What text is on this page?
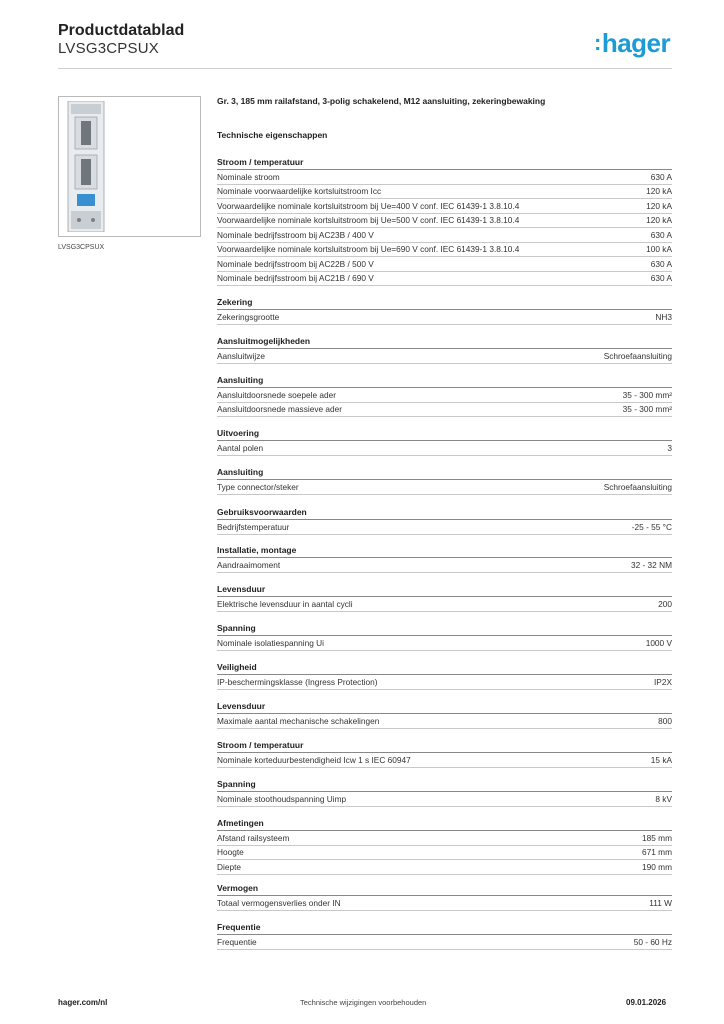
Productdatablad
LVSG3CPSUX	:hager
LVSG3CPSUX
Gr. 3, 185 mm railafstand, 3-polig schakelend, M12 aansluiting, zekeringbewaking
Technische eigenschappen
Stroom / temperatuur
Nominale stroom	630 A
Nominale voorwaardelijke kortsluitstroom Icc	120 kA
Voorwaardelijke nominale kortsluitstroom bij Ue=400 V conf. IEC 61439-1 3.8.10.4	120 kA
Voorwaardelijke nominale kortsluitstroom bij Ue=500 V conf. IEC 61439-1 3.8.10.4	120 kA
Nominale bedrijfsstroom bij AC23B / 400 V	630 A
Voorwaardelijke nominale kortsluitstroom bij Ue=690 V conf. IEC 61439-1 3.8.10.4	100 kA
Nominale bedrijfsstroom bij AC22B / 500 V	630 A
Nominale bedrijfsstroom bij AC21B / 690 V	630 A
Zekering
Zekeringsgrootte	NH3
Aansluitmogelijkheden
Aansluitwijze	Schroefaansluiting
Aansluiting
Aansluitdoorsnede soepele ader	35 - 300 mm²
Aansluitdoorsnede massieve ader	35 - 300 mm²
Uitvoering
Aantal polen	3
Aansluiting
Type connector/steker	Schroefaansluiting
Gebruiksvoorwaarden
Bedrijfstemperatuur	-25 - 55 °C
Installatie, montage
Aandraaimoment	32 - 32 NM
Levensduur
Elektrische levensduur in aantal cycli	200
Spanning
Nominale isolatiespanning Ui	1000 V
Veiligheid
IP-beschermingsklasse (Ingress Protection)	IP2X
Levensduur
Maximale aantal mechanische schakelingen	800
Stroom / temperatuur
Nominale korteduurbestendigheid Icw 1 s IEC 60947	15 kA
Spanning
Nominale stoothoudspanning Uimp	8 kV
Afmetingen
Afstand railsysteem	185 mm
Hoogte	671 mm
Diepte	190 mm
Vermogen
Totaal vermogensverlies onder IN	111 W
Frequentie
Frequentie	50 - 60 Hz
hager.com/nl	Technische wijzigingen voorbehouden	09.01.2026
